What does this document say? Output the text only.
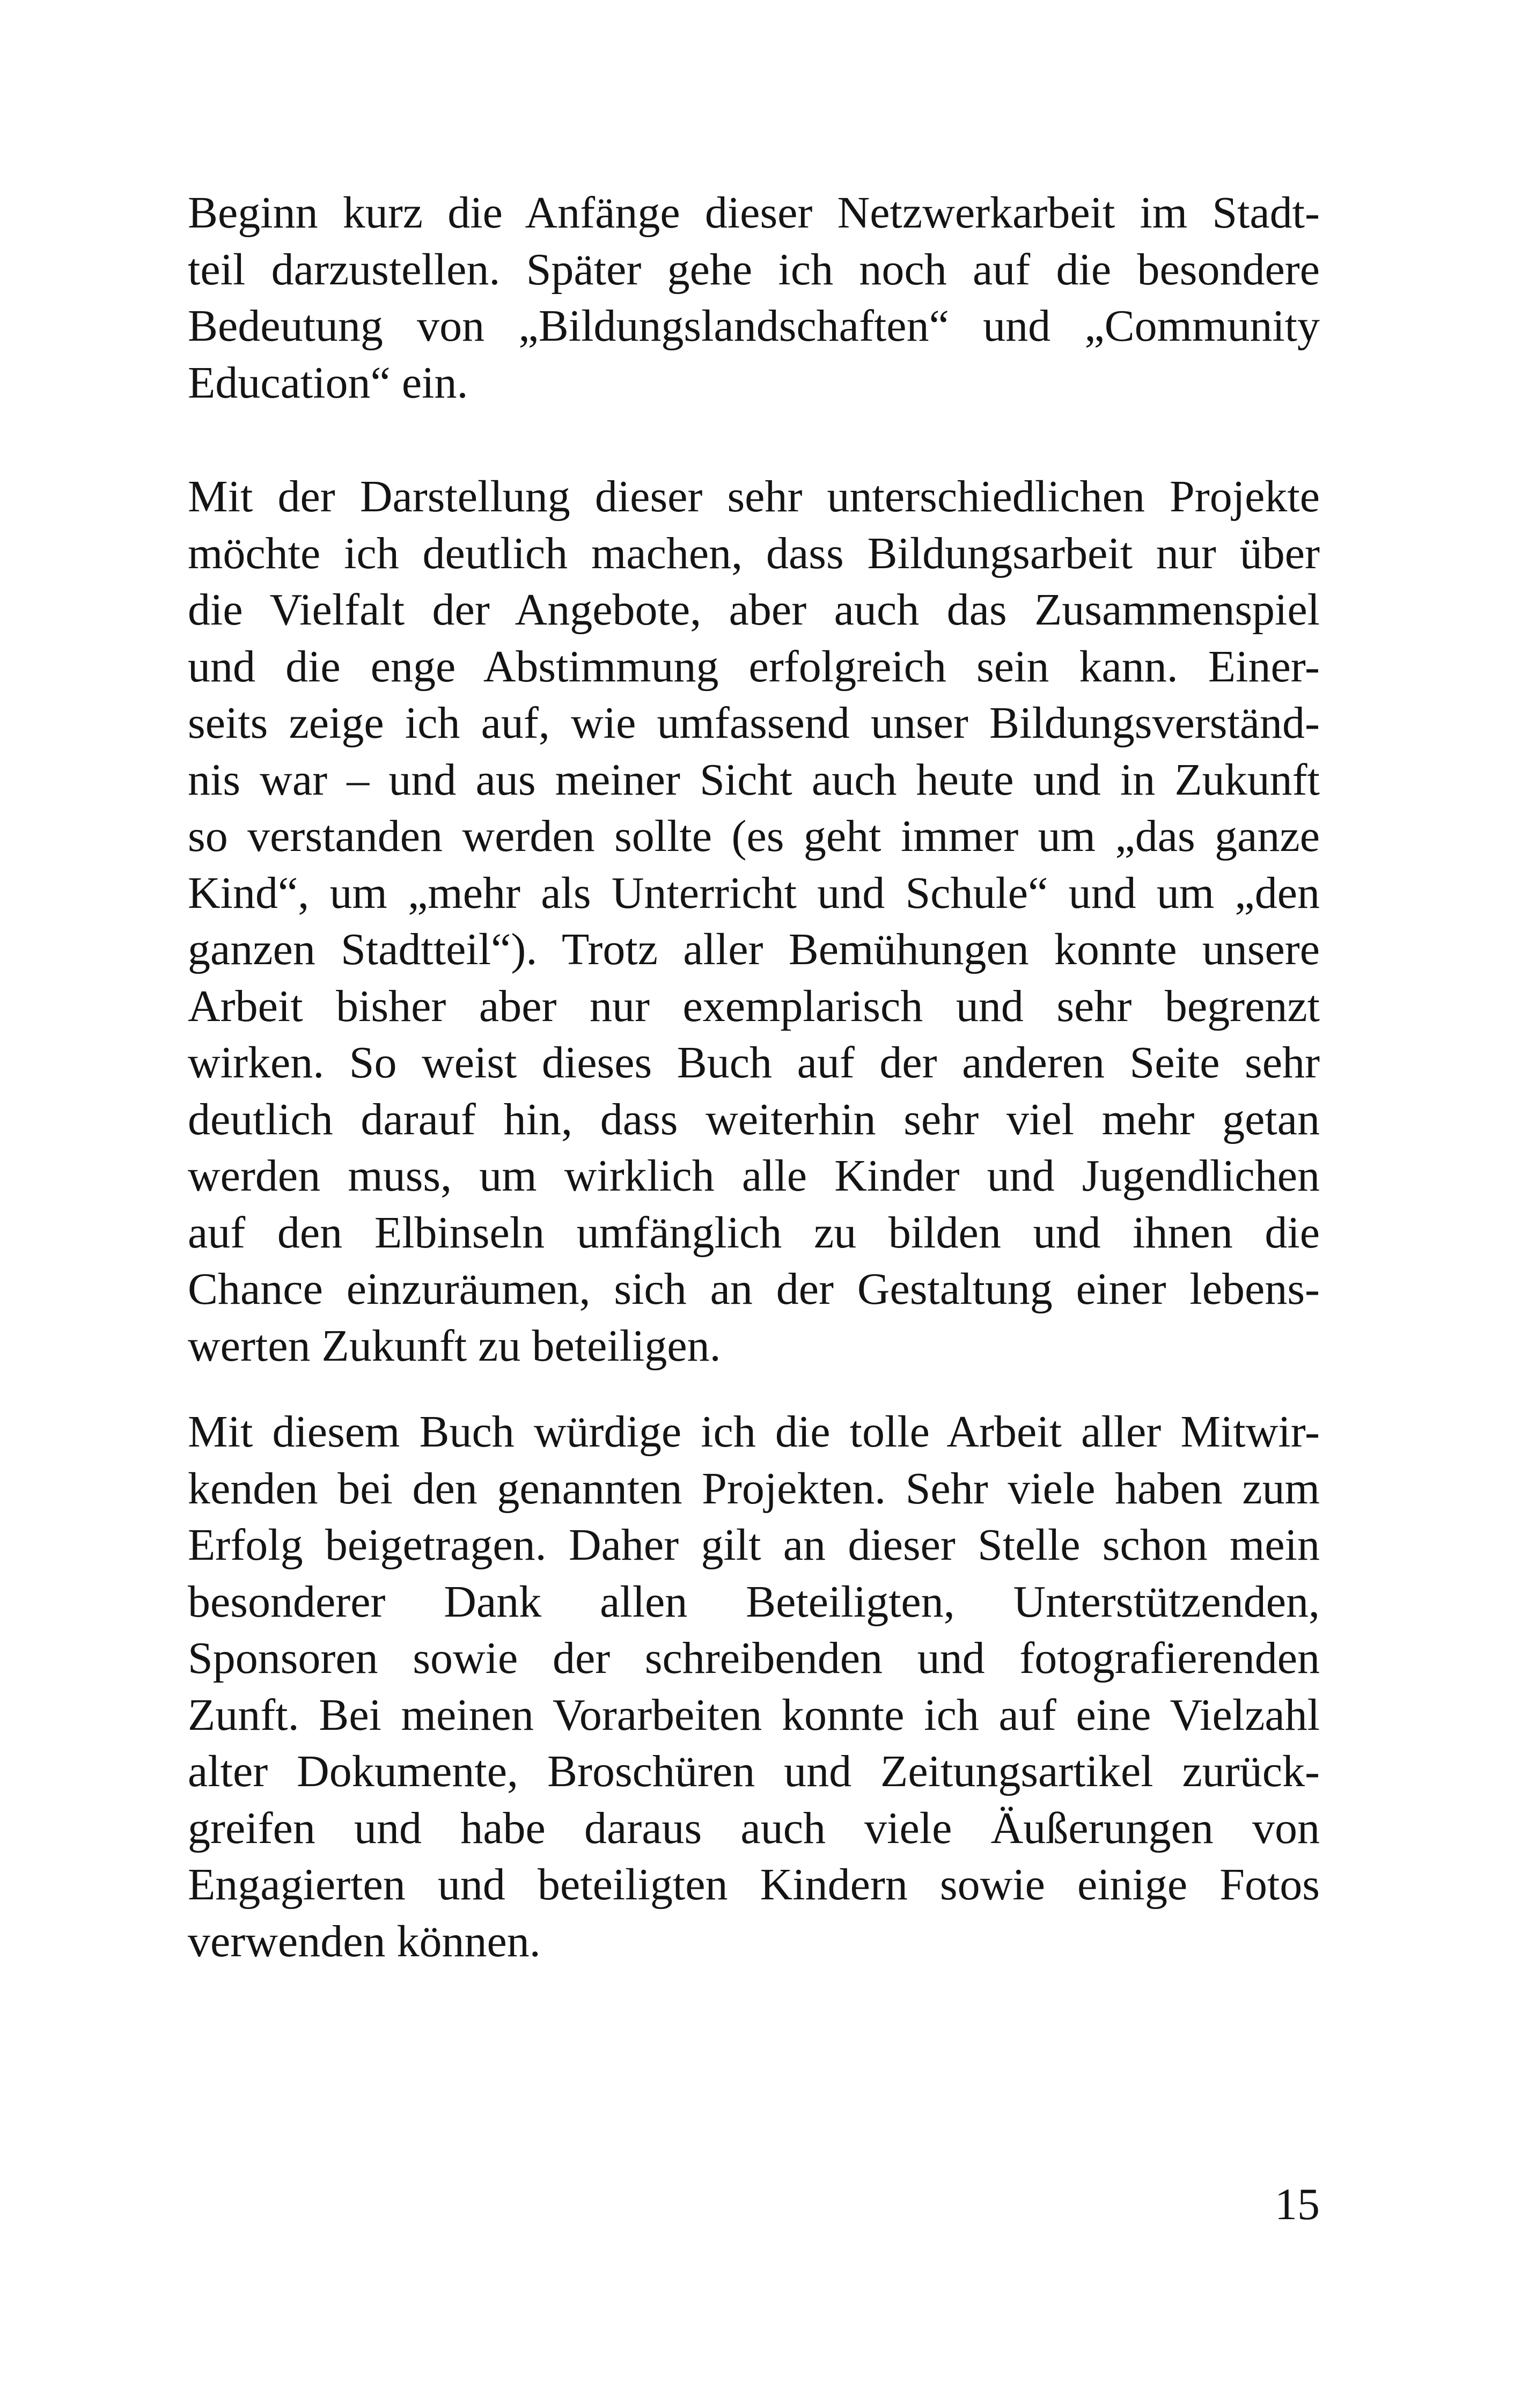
Beginn kurz die Anfänge dieser Netzwerkarbeit im Stadt-
teil darzustellen. Später gehe ich noch auf die besondere
Bedeutung von „Bildungslandschaften“ und „Community
Education“ ein.
Mit der Darstellung dieser sehr unterschiedlichen Projekte
möchte ich deutlich machen, dass Bildungsarbeit nur über
die Vielfalt der Angebote, aber auch das Zusammenspiel
und die enge Abstimmung erfolgreich sein kann. Einer-
seits zeige ich auf, wie umfassend unser Bildungsverständ-
nis war – und aus meiner Sicht auch heute und in Zukunft
so verstanden werden sollte (es geht immer um „das ganze
Kind“, um „mehr als Unterricht und Schule“ und um „den
ganzen Stadtteil“). Trotz aller Bemühungen konnte unsere
Arbeit bisher aber nur exemplarisch und sehr begrenzt
wirken. So weist dieses Buch auf der anderen Seite sehr
deutlich darauf hin, dass weiterhin sehr viel mehr getan
werden muss, um wirklich alle Kinder und Jugendlichen
auf den Elbinseln umfänglich zu bilden und ihnen die
Chance einzuräumen, sich an der Gestaltung einer lebens-
werten Zukunft zu beteiligen.
Mit diesem Buch würdige ich die tolle Arbeit aller Mitwir-
kenden bei den genannten Projekten. Sehr viele haben zum
Erfolg beigetragen. Daher gilt an dieser Stelle schon mein
besonderer Dank allen Beteiligten, Unterstützenden,
Sponsoren sowie der schreibenden und fotografierenden
Zunft. Bei meinen Vorarbeiten konnte ich auf eine Vielzahl
alter Dokumente, Broschüren und Zeitungsartikel zurück-
greifen und habe daraus auch viele Äußerungen von
Engagierten und beteiligten Kindern sowie einige Fotos
verwenden können.
15
